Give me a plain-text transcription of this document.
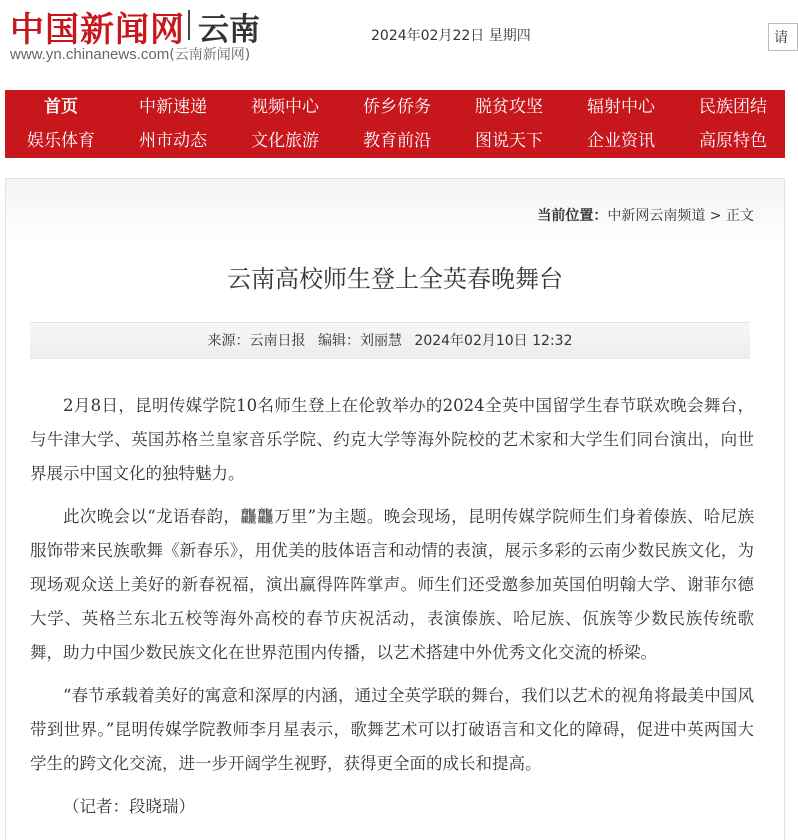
中国新闻网 云南
www.yn.chinanews.com(云南新闻网)
2024年02月22日 星期四	请
首页	中新速递	视频中心	侨乡侨务	脱贫攻坚	辐射中心	民族团结
娱乐体育	州市动态	文化旅游	教育前沿	图说天下	企业资讯	高原特色
当前位置：中新网云南频道 > 正文
云南高校师生登上全英春晚舞台
来源：云南日报 编辑：刘丽慧 2024年02月10日 12:32

2月8日，昆明传媒学院10名师生登上在伦敦举办的2024全英中国留学生春节联欢晚会舞台，与牛津大学、英国苏格兰皇家音乐学院、约克大学等海外院校的艺术家和大学生们同台演出，向世界展示中国文化的独特魅力。

此次晚会以“龙语春韵，龘龘万里”为主题。晚会现场，昆明传媒学院师生们身着傣族、哈尼族服饰带来民族歌舞《新春乐》，用优美的肢体语言和动情的表演，展示多彩的云南少数民族文化，为现场观众送上美好的新春祝福，演出赢得阵阵掌声。师生们还受邀参加英国伯明翰大学、谢菲尔德大学、英格兰东北五校等海外高校的春节庆祝活动，表演傣族、哈尼族、佤族等少数民族传统歌舞，助力中国少数民族文化在世界范围内传播，以艺术搭建中外优秀文化交流的桥梁。

“春节承载着美好的寓意和深厚的内涵，通过全英学联的舞台，我们以艺术的视角将最美中国风带到世界。”昆明传媒学院教师李月星表示，歌舞艺术可以打破语言和文化的障碍，促进中英两国大学生的跨文化交流，进一步开阔学生视野，获得更全面的成长和提高。

（记者：段晓瑞）
